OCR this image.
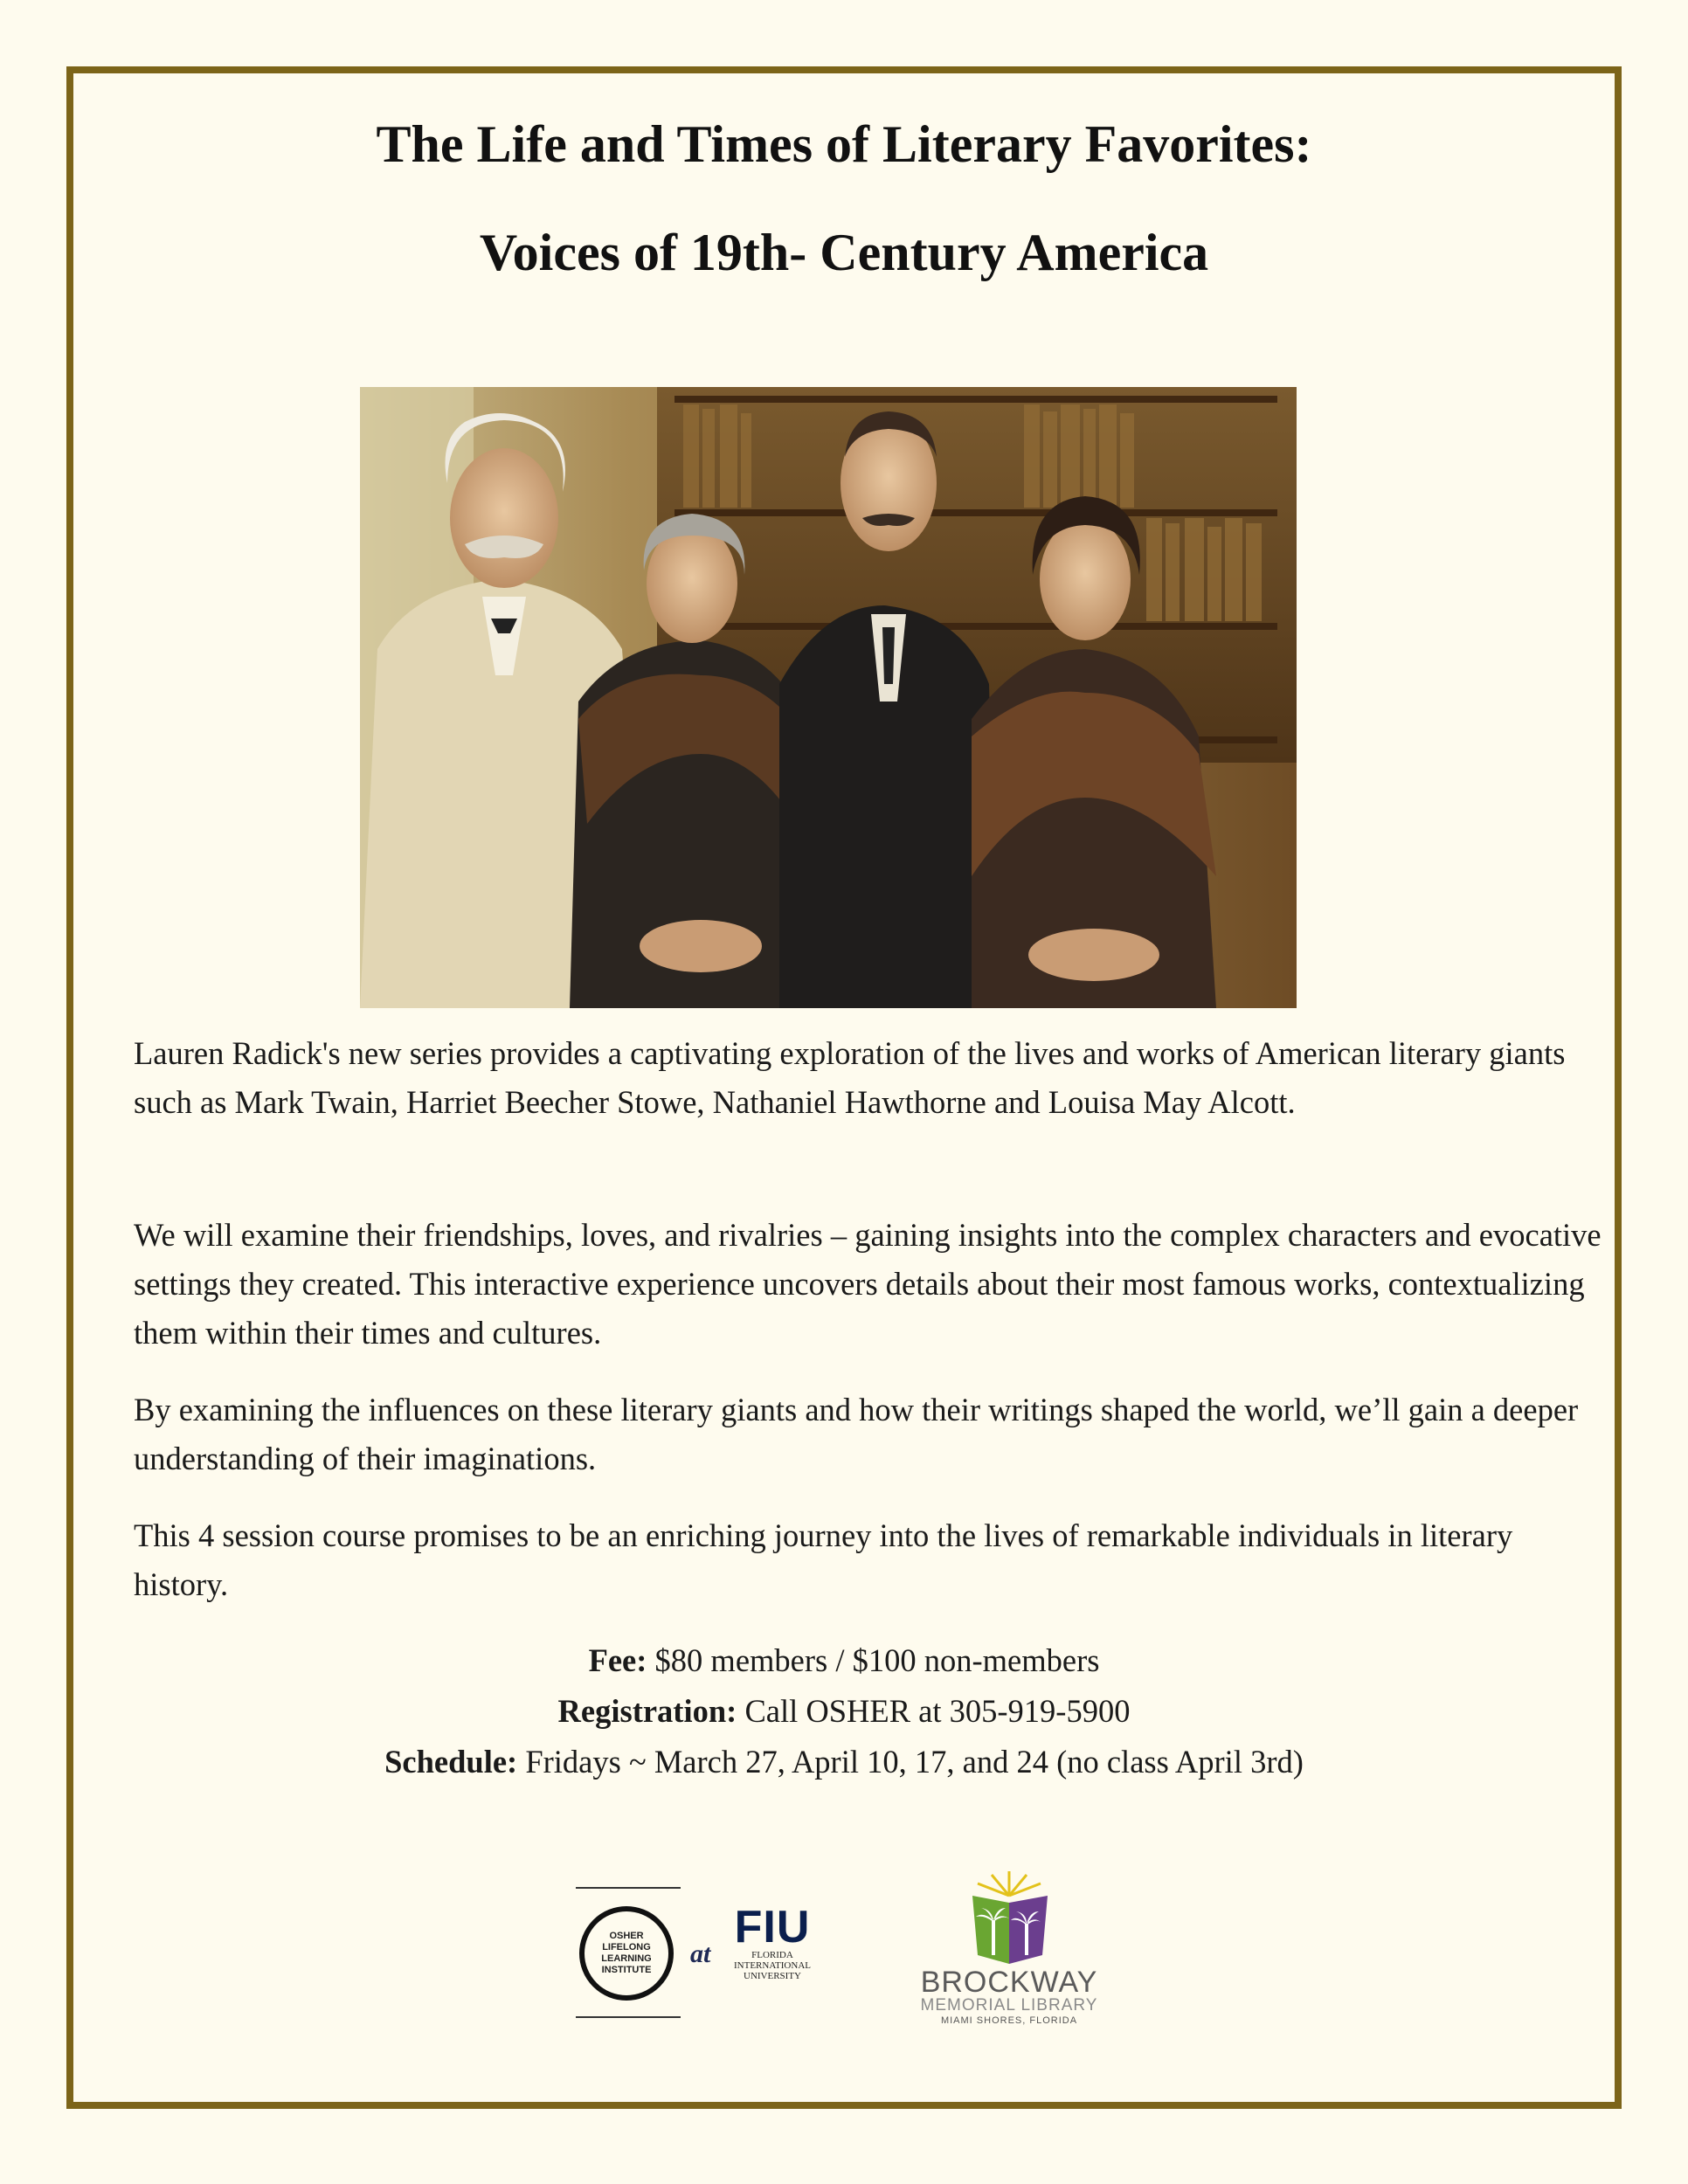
The Life and Times of Literary Favorites:
Voices of 19th- Century America

Lauren Radick's new series provides a captivating exploration of the lives and works of American literary giants such as Mark Twain, Harriet Beecher Stowe, Nathaniel Hawthorne and Louisa May Alcott.

We will examine their friendships, loves, and rivalries – gaining insights into the complex characters and evocative settings they created. This interactive experience uncovers details about their most famous works, contextualizing them within their times and cultures.

By examining the influences on these literary giants and how their writings shaped the world, we’ll gain a deeper understanding of their imaginations.

This 4 session course promises to be an enriching journey into the lives of remarkable individuals in literary history.

Fee: $80 members / $100 non-members

Registration: Call OSHER at 305-919-5900

Schedule: Fridays ~ March 27, April 10, 17, and 24 (no class April 3rd)

OSHER LIFELONG LEARNING INSTITUTE
at
FIU
FLORIDA INTERNATIONAL UNIVERSITY	BROCKWAY
MEMORIAL LIBRARY
MIAMI SHORES, FLORIDA
